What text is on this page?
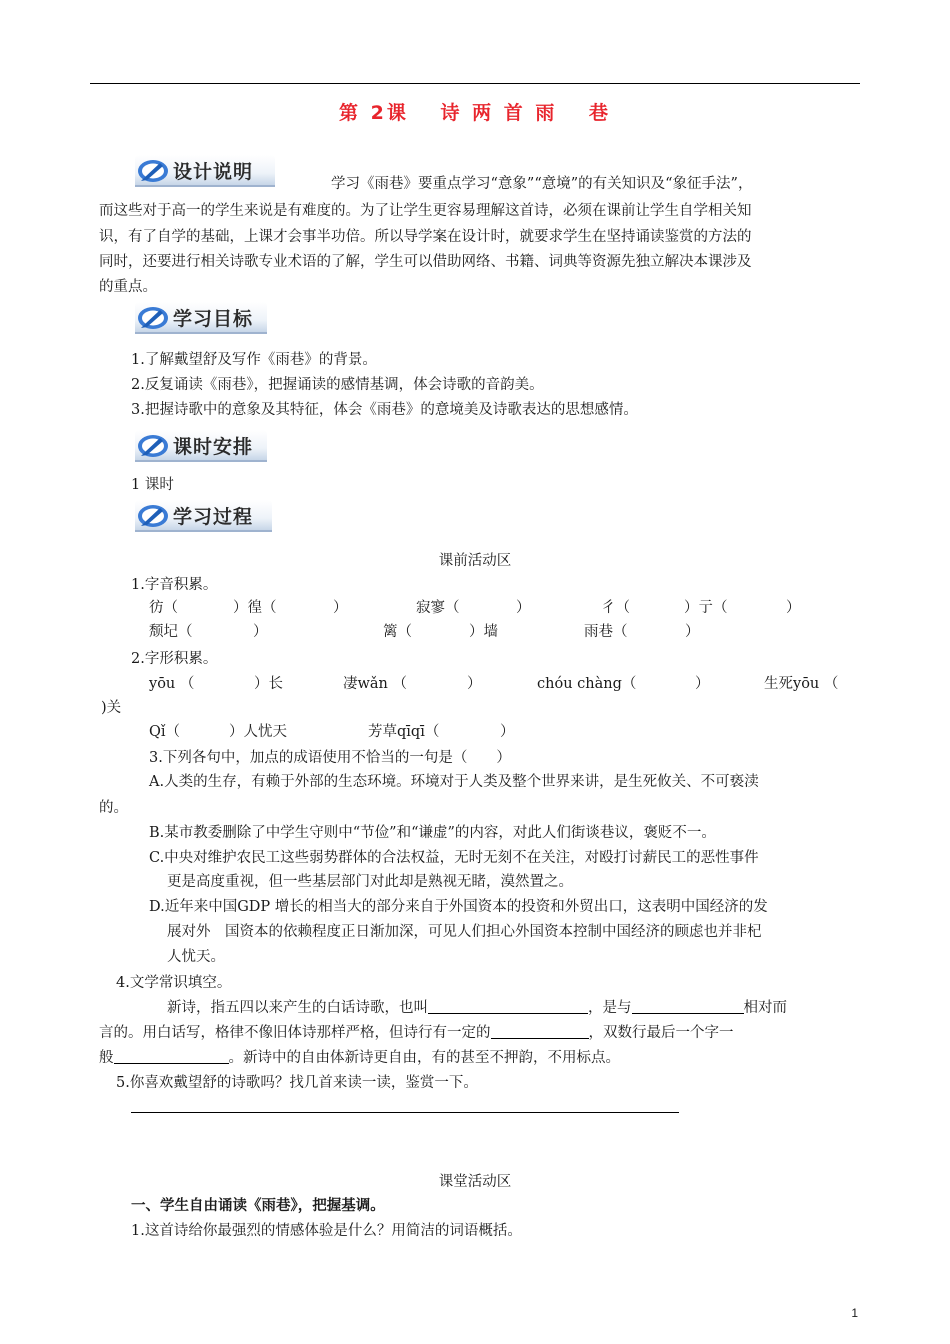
第 2课　 诗 两 首 雨　 巷
设计说明
学习《雨巷》要重点学习“意象”“意境”的有关知识及“象征手法”，
而这些对于高一的学生来说是有难度的。为了让学生更容易理解这首诗，必须在课前让学生自学相关知
识，有了自学的基础，上课才会事半功倍。所以导学案在设计时，就要求学生在坚持诵读鉴赏的方法的
同时，还要进行相关诗歌专业术语的了解，学生可以借助网络、书籍、词典等资源先独立解决本课涉及
的重点。
学习目标
1.了解戴望舒及写作《雨巷》的背景。
2.反复诵读《雨巷》，把握诵读的感情基调，体会诗歌的音韵美。
3.把握诗歌中的意象及其特征，体会《雨巷》的意境美及诗歌表达的思想感情。
课时安排
1 课时
学习过程
课前活动区
1.字音积累。
彷（	）徨（	）	寂寥（	）	彳（	）亍（	）
颓圮（	）	篱（	）墙	雨巷（	）
2.字形积累。
yōu （	）长	凄wǎn （	）	chóu chàng（	）	生死yōu （
)关
Qǐ（	）人忧天	芳草qīqī（	）
3.下列各句中，加点的成语使用不恰当的一句是（　　）
A.人类的生存，有赖于外部的生态环境。环境对于人类及整个世界来讲，是生死攸关、不可亵渎
的。
B.某市教委删除了中学生守则中“节俭”和“谦虚”的内容，对此人们街谈巷议，褒贬不一。
C.中央对维护农民工这些弱势群体的合法权益，无时无刻不在关注，对殴打讨薪民工的恶性事件
更是高度重视，但一些基层部门对此却是熟视无睹，漠然置之。
D.近年来中国GDP 增长的相当大的部分来自于外国资本的投资和外贸出口，这表明中国经济的发
展对外　国资本的依赖程度正日渐加深，可见人们担心外国资本控制中国经济的顾虑也并非杞
人忧天。
4.文学常识填空。
新诗，指五四以来产生的白话诗歌，也叫	，是与	相对而
言的。用白话写，格律不像旧体诗那样严格，但诗行有一定的	，双数行最后一个字一
般	。新诗中的自由体新诗更自由，有的甚至不押韵，不用标点。
5.你喜欢戴望舒的诗歌吗？找几首来读一读，鉴赏一下。
课堂活动区
一、学生自由诵读《雨巷》，把握基调。
1.这首诗给你最强烈的情感体验是什么？用简洁的词语概括。
1
